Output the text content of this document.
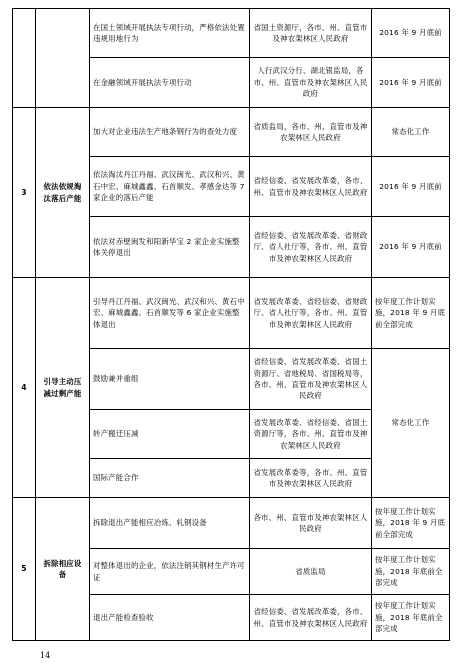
		在国土领域开展执法专项行动，严格依法处置违规用地行为	省国土资源厅，各市、州、直管市及神农架林区人民政府	2016 年 9 月底前
		在金融领域开展执法专项行动	人行武汉分行、湖北银监局，各市、州、直管市及神农架林区人民政府	2016 年 9 月底前
3	依法依规淘汰落后产能	加大对企业违法生产地条钢行为的查处力度	省质监局，各市、州、直管市及神农架林区人民政府	常态化工作
		依法淘汰丹江丹福、武汉闽光、武汉和兴、黄石中宏、麻城鑫鑫、石首顺发、孝感金达等 7 家企业的落后产能	省经信委、省发展改革委，各市、州、直管市及神农架林区人民政府	2016 年 9 月底前
		依法对赤壁闽发和阳新华宝 2 家企业实施整体关停退出	省经信委、省发展改革委、省财政厅、省人社厅等，各市、州、直管市及神农架林区人民政府	2016 年 9 月底前
4	引导主动压减过剩产能	引导丹江丹福、武汉闽光、武汉和兴、黄石中宏、麻城鑫鑫、石首顺发等 6 家企业实施整体退出	省发展改革委、省经信委、省财政厅、省人社厅等，各市、州、直管市及神农架林区人民政府	按年度工作计划实施，2018 年 9 月底前全部完成
		鼓励兼并重组	省经信委、省发展改革委、省国土资源厅、省地税局、省国税局等，各市、州、直管市及神农架林区人民政府	常态化工作
		转产搬迁压减	省发展改革委、省经信委、省国土资源厅等，各市、州、直管市及神农架林区人民政府	
		国际产能合作	省发展改革委等，各市、州、直管市及神农架林区人民政府	
5	拆除相应设备	拆除退出产能相应冶炼、轧钢设备	各市、州、直管市及神农架林区人民政府	按年度工作计划实施，2018 年 9 月底前全部完成
		对整体退出的企业，依法注销其钢材生产许可证	省质监局	按年度工作计划实施，2018 年底前全部完成
		退出产能检查验收	省经信委、省发展改革委，各市、州、直管市及神农架林区人民政府	按年度工作计划实施，2018 年底前全部完成
14
